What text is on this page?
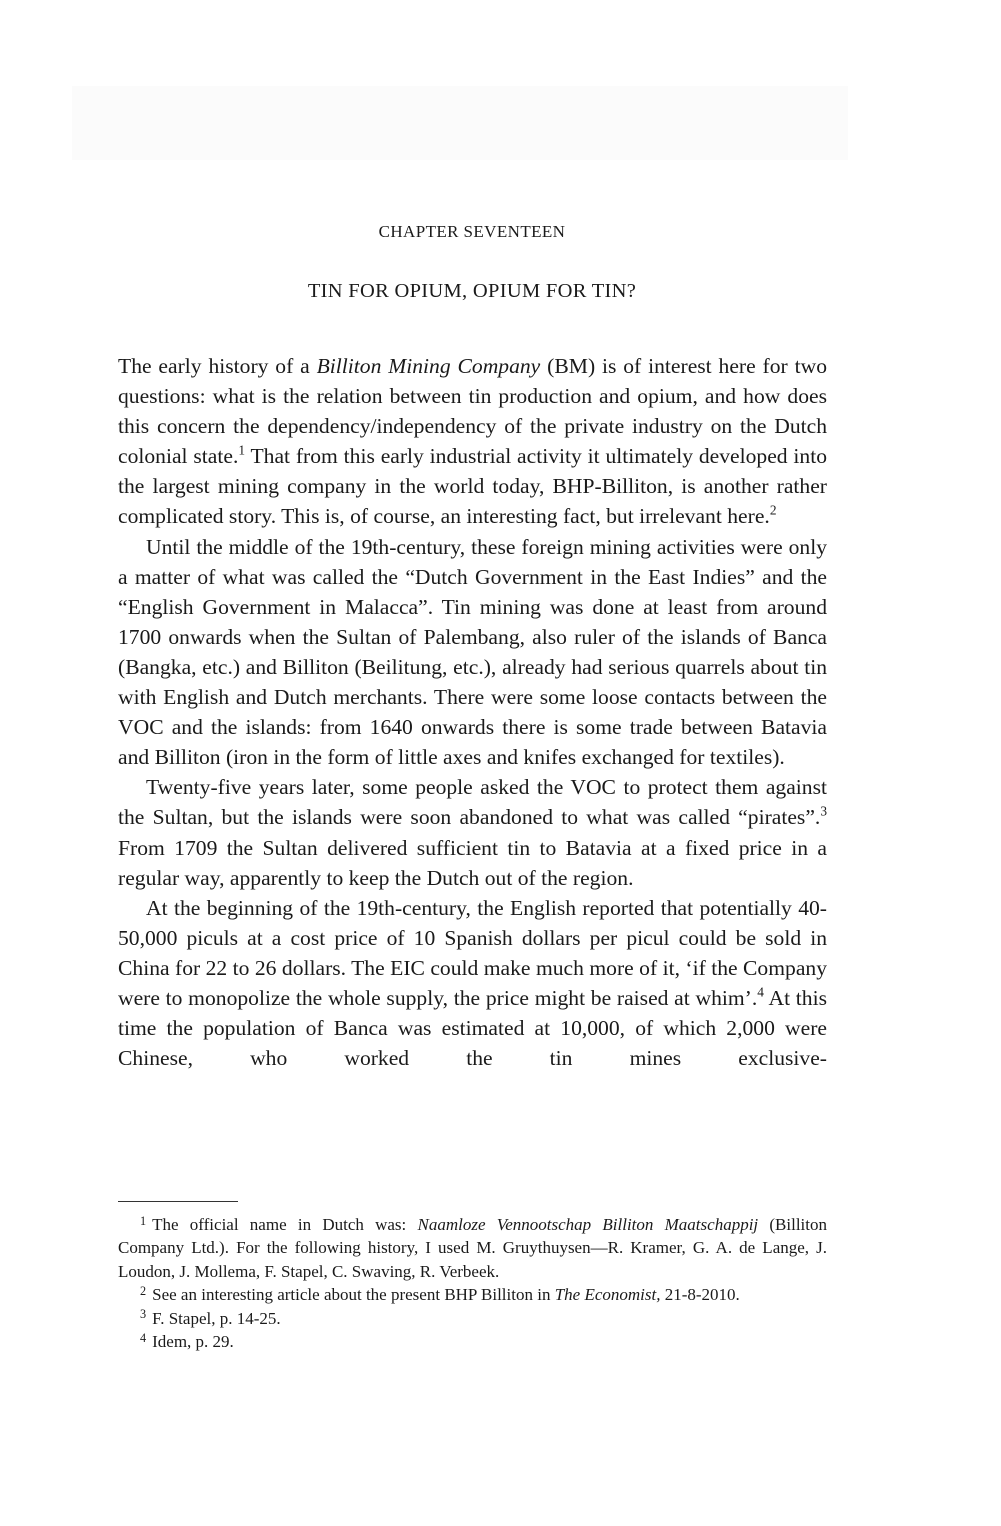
CHAPTER SEVENTEEN
TIN FOR OPIUM, OPIUM FOR TIN?

The early history of a Billiton Mining Company (BM) is of interest here for two questions: what is the relation between tin production and opium, and how does this concern the dependency/independency of the private industry on the Dutch colonial state.$^1$ That from this early industrial activity it ultimately developed into the largest mining company in the world today, BHP-Billiton, is another rather complicated story. This is, of course, an interesting fact, but irrelevant here.$^2$

Until the middle of the 19th-century, these foreign mining activities were only a matter of what was called the “Dutch Government in the East Indies” and the “English Government in Malacca”. Tin mining was done at least from around 1700 onwards when the Sultan of Palembang, also ruler of the islands of Banca (Bangka, etc.) and Billiton (Beilitung, etc.), already had serious quarrels about tin with English and Dutch merchants. There were some loose contacts between the VOC and the islands: from 1640 onwards there is some trade between Batavia and Billiton (iron in the form of little axes and knifes exchanged for textiles).

Twenty-five years later, some people asked the VOC to protect them against the Sultan, but the islands were soon abandoned to what was called “pirates”.$^3$ From 1709 the Sultan delivered sufficient tin to Batavia at a fixed price in a regular way, apparently to keep the Dutch out of the region.

At the beginning of the 19th-century, the English reported that potentially 40-50,000 piculs at a cost price of 10 Spanish dollars per picul could be sold in China for 22 to 26 dollars. The EIC could make much more of it, ‘if the Company were to monopolize the whole supply, the price might be raised at whim’.$^4$ At this time the population of Banca was estimated at 10,000, of which 2,000 were Chinese, who worked the tin mines exclusive-

$^1$ The official name in Dutch was: Naamloze Vennootschap Billiton Maatschappij (Billiton Company Ltd.). For the following history, I used M. Gruythuysen—R. Kramer, G. A. de Lange, J. Loudon, J. Mollema, F. Stapel, C. Swaving, R. Verbeek.

$^2$ See an interesting article about the present BHP Billiton in The Economist, 21-8-2010.

$^3$ F. Stapel, p. 14-25.

$^4$ Idem, p. 29.
